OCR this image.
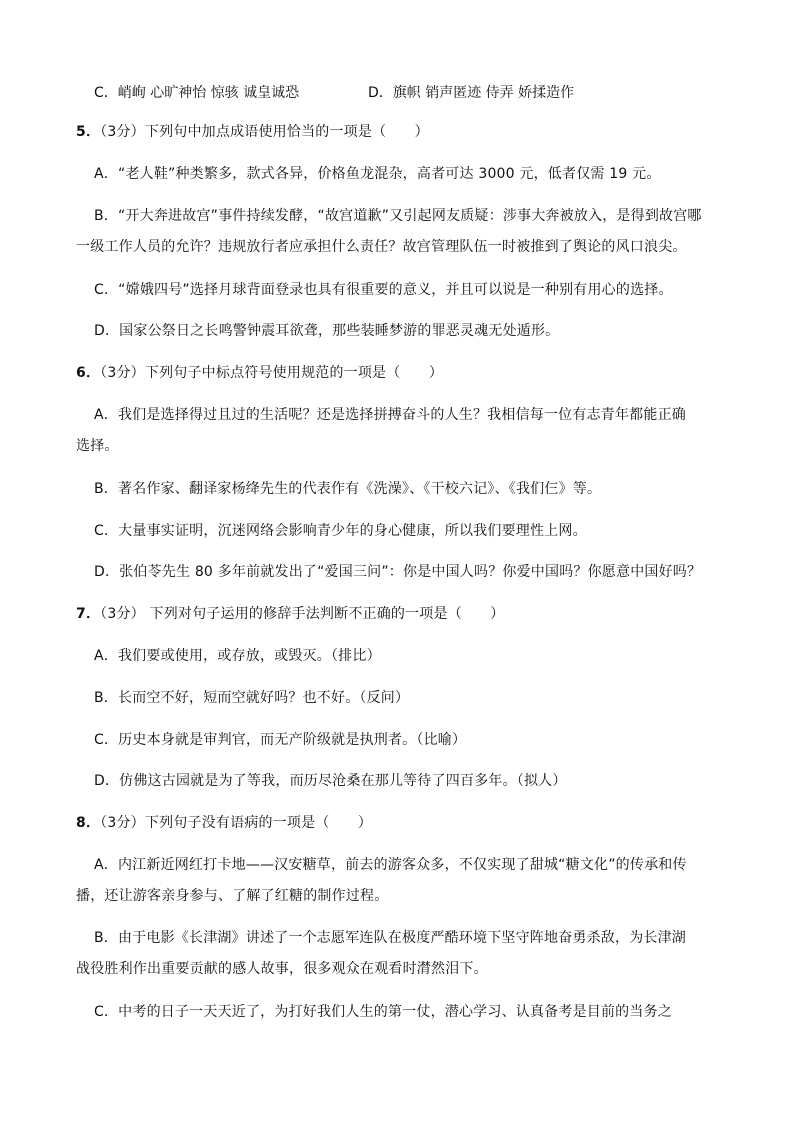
C．峭峋 心旷神怡 惊骇 诚皇诚恐	D．旗帜 销声匿迹 侍弄 娇揉造作
5．（3分）下列句中加点成语使用恰当的一项是（　　）
A．“老人鞋”种类繁多，款式各异，价格鱼龙混杂，高者可达 3000 元，低者仅需 19 元。
B．“开大奔进故宫”事件持续发酵，“故宫道歉”又引起网友质疑：涉事大奔被放入，是得到故宫哪
一级工作人员的允许？违规放行者应承担什么责任？故宫管理队伍一时被推到了舆论的风口浪尖。
C．“嫦娥四号”选择月球背面登录也具有很重要的意义，并且可以说是一种别有用心的选择。
D．国家公祭日之长鸣警钟震耳欲聋，那些装睡梦游的罪恶灵魂无处遁形。
6．（3分）下列句子中标点符号使用规范的一项是（　　）
A．我们是选择得过且过的生活呢？还是选择拼搏奋斗的人生？我相信每一位有志青年都能正确
选择。
B．著名作家、翻译家杨绛先生的代表作有《洗澡》、《干校六记》、《我们仨》等。
C．大量事实证明，沉迷网络会影响青少年的身心健康，所以我们要理性上网。
D．张伯苓先生 80 多年前就发出了“爱国三问”：你是中国人吗？你爱中国吗？你愿意中国好吗？
7．（3分） 下列对句子运用的修辞手法判断不正确的一项是（　　）
A．我们要或使用，或存放，或毁灭。（排比）
B．长而空不好，短而空就好吗？也不好。（反问）
C．历史本身就是审判官，而无产阶级就是执刑者。（比喻）
D．仿佛这古园就是为了等我，而历尽沧桑在那儿等待了四百多年。（拟人）
8．（3分）下列句子没有语病的一项是（　　）
A．内江新近网红打卡地——汉安糖草，前去的游客众多，不仅实现了甜城“糖文化”的传承和传
播，还让游客亲身参与、了解了红糖的制作过程。
B．由于电影《长津湖》讲述了一个志愿军连队在极度严酷环境下坚守阵地奋勇杀敌，为长津湖
战役胜利作出重要贡献的感人故事，很多观众在观看时潸然泪下。
C．中考的日子一天天近了，为打好我们人生的第一仗，潜心学习、认真备考是目前的当务之
